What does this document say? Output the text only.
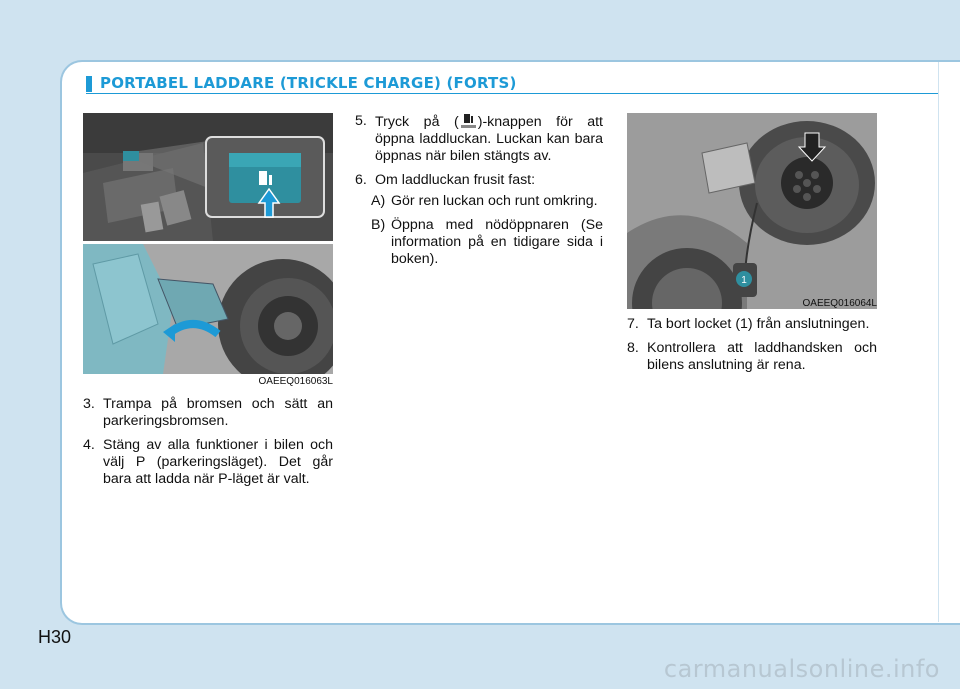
PORTABEL LADDARE (TRICKLE CHARGE) (FORTS)
OAEEQ016063L
3. Trampa på bromsen och sätt an parkeringsbromsen.
4. Stäng av alla funktioner i bilen och välj P (parkeringsläget). Det går bara att ladda när P-läget är valt.
5. Tryck på ( )-knappen för att öppna laddluckan. Luckan kan bara öppnas när bilen stängts av.
6. Om laddluckan frusit fast:
A) Gör ren luckan och runt omkring.
B) Öppna med nödöppnaren (Se information på en tidigare sida i boken).
1
OAEEQ016064L
7. Ta bort locket (1) från anslutningen.
8. Kontrollera att laddhandsken och bilens anslutning är rena.
H30
carmanualsonline.info
